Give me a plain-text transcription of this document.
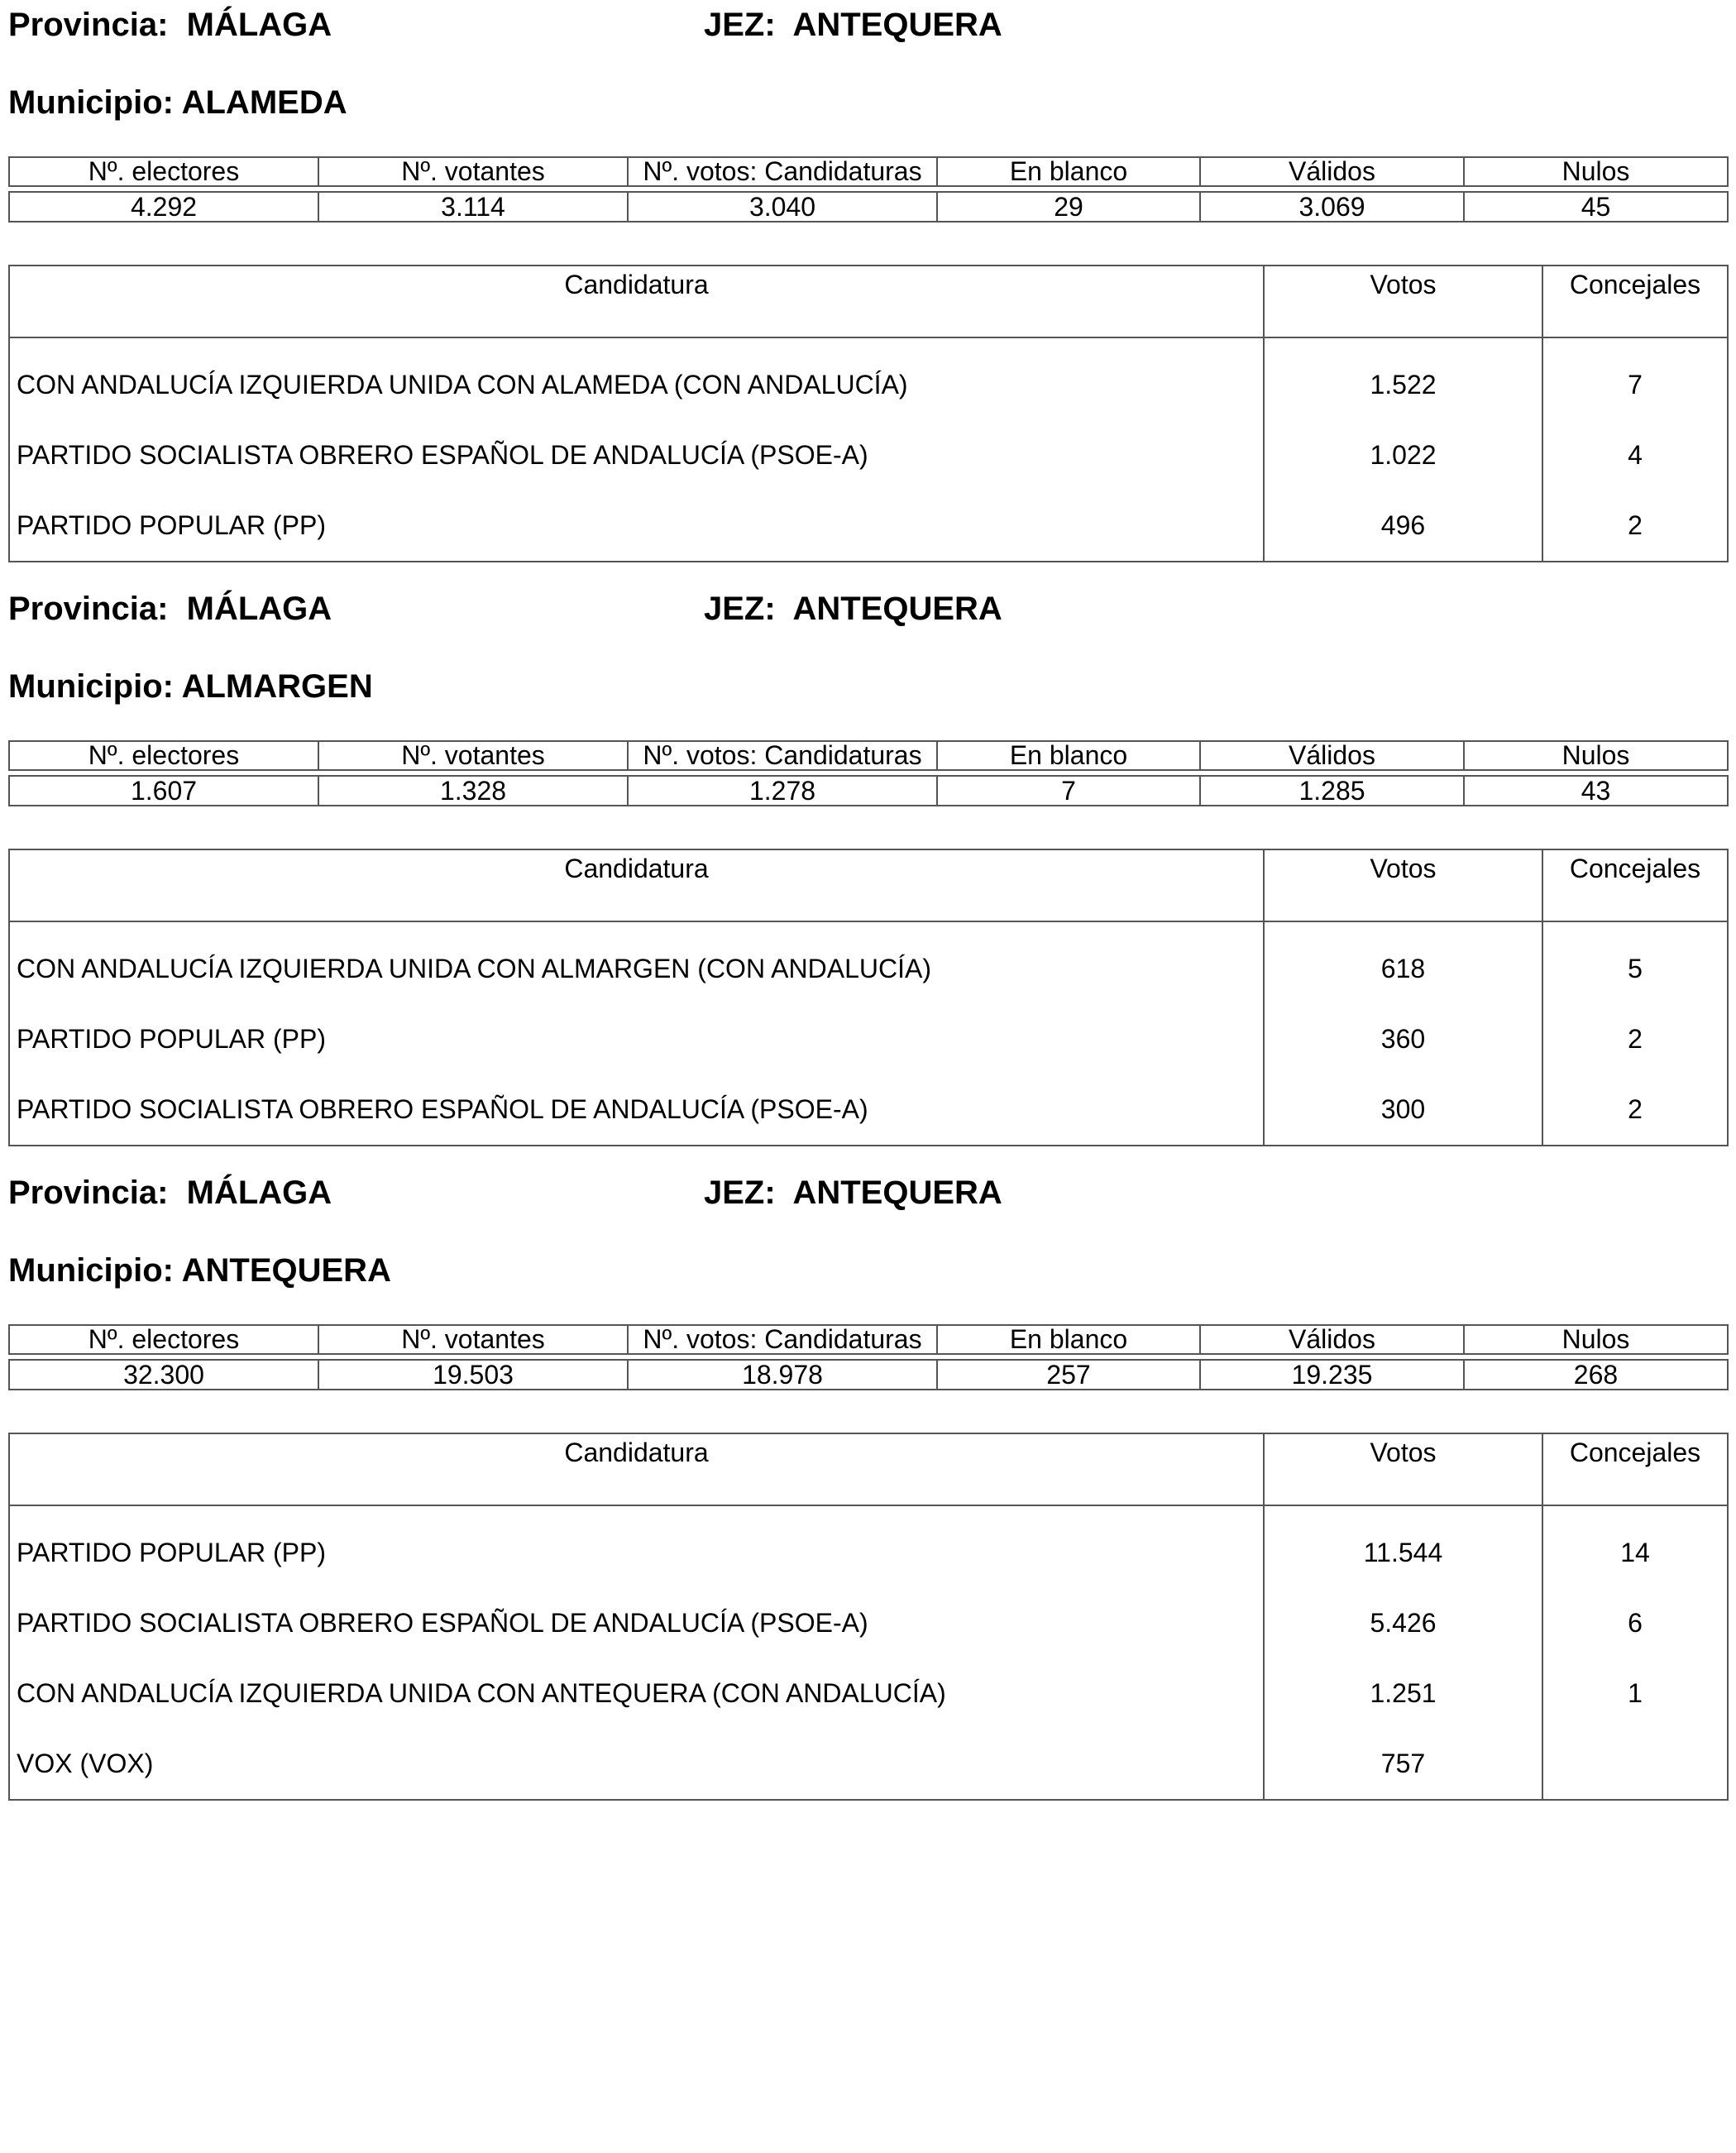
Provincia: MÁLAGA	JEZ: ANTEQUERA
Municipio: ALAMEDA
Nº. electores	Nº. votantes	Nº. votos: Candidaturas	En blanco	Válidos	Nulos

4.292	3.114	3.040	29	3.069	45
Candidatura	Votos	Concejales
CON ANDALUCÍA IZQUIERDA UNIDA CON ALAMEDA (CON ANDALUCÍA)	1.522	7
PARTIDO SOCIALISTA OBRERO ESPAÑOL DE ANDALUCÍA (PSOE-A)	1.022	4
PARTIDO POPULAR (PP)	496	2
Provincia: MÁLAGA	JEZ: ANTEQUERA
Municipio: ALMARGEN
Nº. electores	Nº. votantes	Nº. votos: Candidaturas	En blanco	Válidos	Nulos

1.607	1.328	1.278	7	1.285	43
Candidatura	Votos	Concejales
CON ANDALUCÍA IZQUIERDA UNIDA CON ALMARGEN (CON ANDALUCÍA)	618	5
PARTIDO POPULAR (PP)	360	2
PARTIDO SOCIALISTA OBRERO ESPAÑOL DE ANDALUCÍA (PSOE-A)	300	2
Provincia: MÁLAGA	JEZ: ANTEQUERA
Municipio: ANTEQUERA
Nº. electores	Nº. votantes	Nº. votos: Candidaturas	En blanco	Válidos	Nulos

32.300	19.503	18.978	257	19.235	268
Candidatura	Votos	Concejales
PARTIDO POPULAR (PP)	11.544	14
PARTIDO SOCIALISTA OBRERO ESPAÑOL DE ANDALUCÍA (PSOE-A)	5.426	6
CON ANDALUCÍA IZQUIERDA UNIDA CON ANTEQUERA (CON ANDALUCÍA)	1.251	1
VOX (VOX)	757	
